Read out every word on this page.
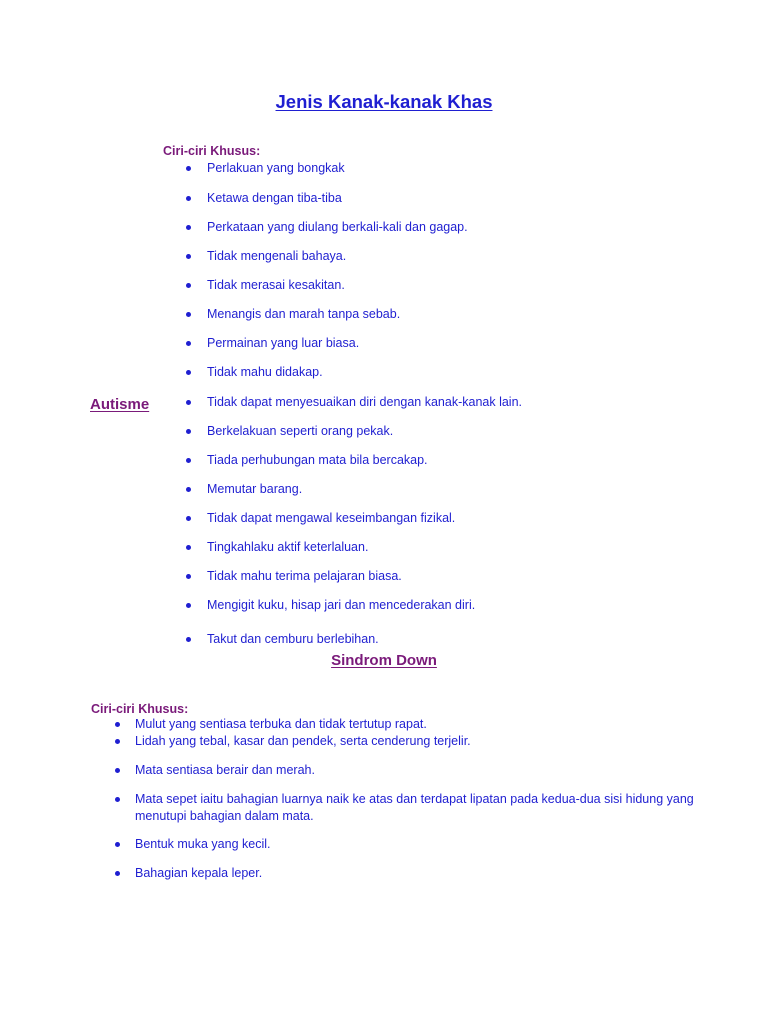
Jenis Kanak-kanak Khas
Ciri-ciri Khusus:
Autisme
Perlakuan yang bongkak
Ketawa dengan tiba-tiba
Perkataan yang diulang berkali-kali dan gagap.
Tidak mengenali bahaya.
Tidak merasai kesakitan.
Menangis dan marah tanpa sebab.
Permainan yang luar biasa.
Tidak mahu didakap.
Tidak dapat menyesuaikan diri dengan kanak-kanak lain.
Berkelakuan seperti orang pekak.
Tiada perhubungan mata bila bercakap.
Memutar barang.
Tidak dapat mengawal keseimbangan fizikal.
Tingkahlaku aktif keterlaluan.
Tidak mahu terima pelajaran biasa.
Mengigit kuku, hisap jari dan mencederakan diri.
Takut dan cemburu berlebihan.
Sindrom Down
Ciri-ciri Khusus:
Mulut yang sentiasa terbuka dan tidak tertutup rapat.
Lidah yang tebal, kasar dan pendek, serta cenderung terjelir.
Mata sentiasa berair dan merah.
Mata sepet iaitu bahagian luarnya naik ke atas dan terdapat lipatan pada kedua-dua sisi hidung yang menutupi bahagian dalam mata.
Bentuk muka yang kecil.
Bahagian kepala leper.
